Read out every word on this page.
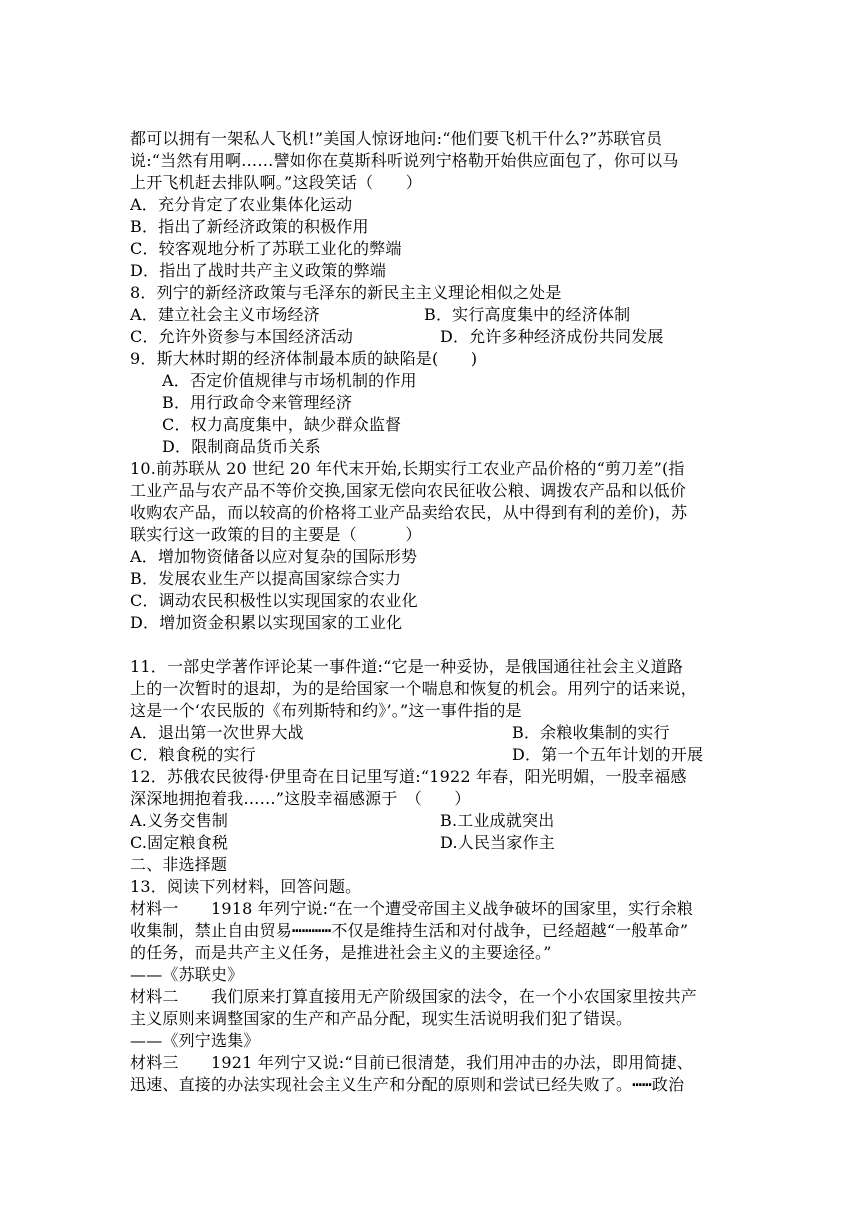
都可以拥有一架私人飞机!”美国人惊讶地问:“他们要飞机干什么?”苏联官员
说:“当然有用啊……譬如你在莫斯科听说列宁格勒开始供应面包了，你可以马
上开飞机赶去排队啊。”这段笑话（　　）
A．充分肯定了农业集体化运动
B．指出了新经济政策的积极作用
C．较客观地分析了苏联工业化的弊端
D．指出了战时共产主义政策的弊端
8．列宁的新经济政策与毛泽东的新民主主义理论相似之处是
A．建立社会主义市场经济	B．实行高度集中的经济体制
C．允许外资参与本国经济活动	D．允许多种经济成份共同发展
9．斯大林时期的经济体制最本质的缺陷是(　　)
A．否定价值规律与市场机制的作用
B．用行政命令来管理经济
C．权力高度集中，缺少群众监督
D．限制商品货币关系
10.前苏联从 20 世纪 20 年代末开始,长期实行工农业产品价格的“剪刀差”(指
工业产品与农产品不等价交换,国家无偿向农民征收公粮、调拨农产品和以低价
收购农产品，而以较高的价格将工业产品卖给农民，从中得到有利的差价)，苏
联实行这一政策的目的主要是（　　　）
A．增加物资储备以应对复杂的国际形势
B．发展农业生产以提高国家综合实力
C．调动农民积极性以实现国家的农业化
D．增加资金积累以实现国家的工业化
11．一部史学著作评论某一事件道:“它是一种妥协，是俄国通往社会主义道路
上的一次暂时的退却，为的是给国家一个喘息和恢复的机会。用列宁的话来说，
这是一个‘农民版的《布列斯特和约》’。”这一事件指的是
A．退出第一次世界大战	B．余粮收集制的实行
C．粮食税的实行	D．第一个五年计划的开展
12．苏俄农民彼得·伊里奇在日记里写道:“1922 年春，阳光明媚，一股幸福感
深深地拥抱着我……”这股幸福感源于　（　　）
A.义务交售制	B.工业成就突出
C.固定粮食税	D.人民当家作主
二、非选择题
13．阅读下列材料，回答问题。
材料一　　1918 年列宁说:“在一个遭受帝国主义战争破坏的国家里，实行余粮
收集制，禁止自由贸易┅┅┅┅不仅是维持生活和对付战争，已经超越“一般革命”
的任务，而是共产主义任务，是推进社会主义的主要途径。”
——《苏联史》
材料二　　我们原来打算直接用无产阶级国家的法令，在一个小农国家里按共产
主义原则来调整国家的生产和产品分配，现实生活说明我们犯了错误。
——《列宁选集》
材料三　　1921 年列宁又说:“目前已很清楚，我们用冲击的办法，即用简捷、
迅速、直接的办法实现社会主义生产和分配的原则和尝试已经失败了。┅┅政治
